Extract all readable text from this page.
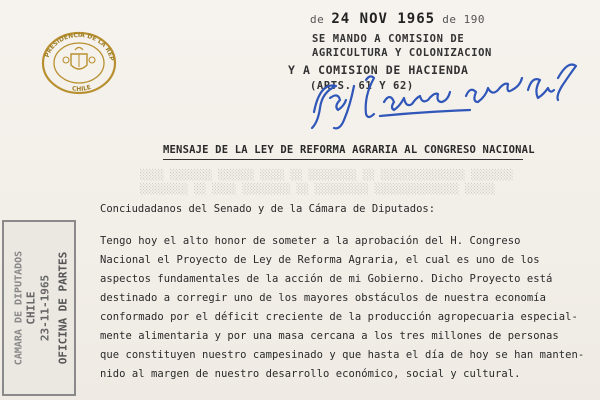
PRESIDENCIA DE LA REP
CHILE
de 24 NOV 1965 de 190
SE MANDO A COMISION DE
AGRICULTURA Y COLONIZACION
Y A COMISION DE HACIENDA
(ARTS. 61 Y 62)
MENSAJE DE LA LEY DE REFORMA AGRARIA AL CONGRESO NACIONAL
░░░░ ░░░░░░░ ░░░░░░ ░░░░ ░░ ░░░░░░░░ ░░ ░░░░░░░░░░░░░░ ░░░░░░░
░░░░░░░░ ░░ ░░░░ ░░░░░░░░ ░░ ░░░░░░░░░ ░░░░░░░░░░░░░░ ░░░░░
Conciudadanos del Senado y de la Cámara de Diputados:
Tengo hoy el alto honor de someter a la aprobación del H. Congreso
Nacional el Proyecto de Ley de Reforma Agraria, el cual es uno de los
aspectos fundamentales de la acción de mi Gobierno. Dicho Proyecto está
destinado a corregir uno de los mayores obstáculos de nuestra economía
conformado por el déficit creciente de la producción agropecuaria especial-
mente alimentaria y por una masa cercana a los tres millones de personas
que constituyen nuestro campesinado y que hasta el día de hoy se han manten-
nido al margen de nuestro desarrollo económico, social y cultural.
CAMARA DE DIPUTADOS CHILE 23-11-1965 OFICINA DE PARTES
